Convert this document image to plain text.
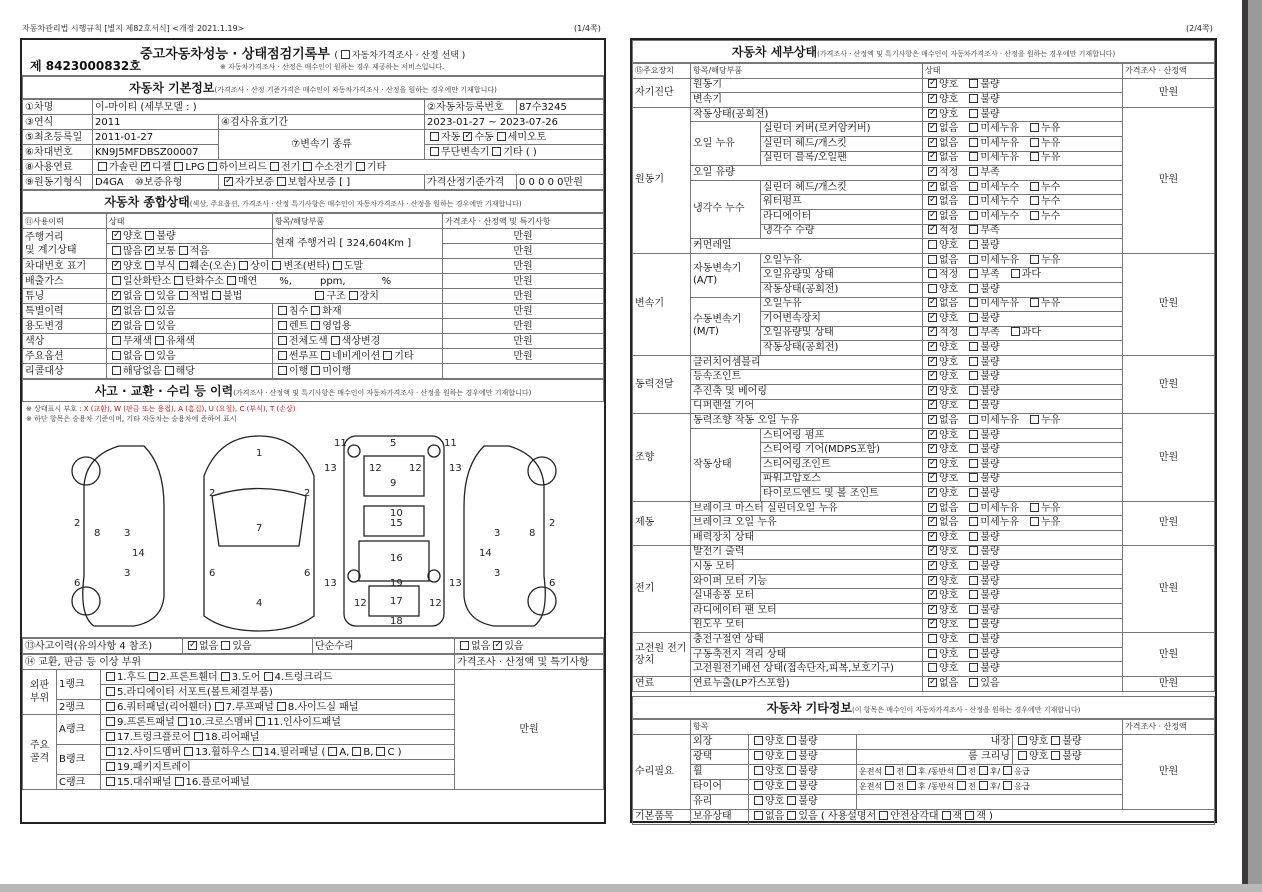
자동차관리법 시행규칙 [별지 제82호서식] <개정 2021.1.19>	(1/4쪽)	(2/4쪽)
중고자동차성능 · 상태점검기록부 ( 자동차가격조사 · 산정 선택 )
제 8423000832호	※ 자동차가격조사 · 산정은 매수인이 원하는 경우 제공하는 서비스입니다.
자동차 기본정보(가격조사 · 산정 기준가격은 매수인이 자동차가격조사 · 산정을 원하는 경우에만 기재합니다)
①차명	이-마이티 (세부모델 : )		②자동차등록번호	87수3245
③연식	2011	④검사유효기간	2023-01-27 ~ 2023-07-26	
⑤최초등록일	2011-01-27	⑦변속기 종류	자동 ✓ 수동 세미오토
⑥차대번호	KN9J5MFDBSZ00007		무단변속기 기타 ( )	
⑧사용연료	가솔린 ✓ 디젤 LPG 하이브리드 전기 수소전기 기타
⑨원동기형식	D4GA ⑩보증유형	✓자가보증 보험사보증 [ ]	가격산정기준가격	0 0 0 0 0만원
자동차 종합상태(색상, 주요옵션, 가격조사 · 산정 특기사항은 매수인이 자동차가격조사 · 산정을 원하는 경우에만 기재합니다)
⑪사용이력	상태	항목/해당부품	가격조사 · 산정액 및 특기사항
주행거리
및 계기상태	✓양호 불량	현재 주행거리 [ 324,604Km ]	만원
	많음 ✓ 보통 적음		만원
차대번호 표기	✓양호 부식 훼손(오손) 상이 변조(변타) 도말		만원
배출가스	일산화탄소 탄화수소 매연 %, ppm, %		만원
튜닝	✓없음 있음 적법 불법 구조 장치		만원
특별이력	✓없음 있음	침수 화재	만원
용도변경	✓없음 있음	렌트 영업용	만원
색상	무채색 유채색	전체도색 색상변경	만원
주요옵션	없음 있음	썬루프 네비게이션 기타	만원
리콜대상	해당없음 해당	이행 미이행	
사고 · 교환 · 수리 등 이력(가격조사 · 산정액 및 특기사항은 매수인이 자동차가격조사 · 산정을 원하는 경우에만 기재합니다)
※ 상태표시 부호 : X (교환), W (판금 또는 용접), A (흠집), U (요철), C (부식), T (손상)
※ 하단 항목은 승용차 기준이며, 기타 자동차는 승용차에 준하여 표시
3
3
8
14
1
7
4
2	2
6	6
5
11	11
13	13
12	12
9
10
15
16
19
17
18
13	13
12	12
3
3
8
14
2
6
2
6
⑬사고이력(유의사항 4 참조)	✓없음 있음	단순수리	없음 ✓ 있음
⑭ 교환, 판금 등 이상 부위			가격조사 · 산정액 및 특기사항
외판 부위	1랭크	1.후드 2.프론트휀더 3.도어 4.트렁크리드	만원
		5.라디에이터 서포트(볼트체결부품)	
	2랭크	6.쿼터패널(리어휀더) 7.루프패널 8.사이드실 패널	
주요 골격	A랭크	9.프론트패널 10.크로스멤버 11.인사이드패널	
		17.트렁크플로어 18.리어패널	
	B랭크	12.사이드멤버 13.휠하우스 14.필러패널 ( A, B, C )	
		19.패키지트레이	
	C랭크	15.대쉬패널 16.플로어패널	
자동차 세부상태(가격조사 · 산정액 및 특기사항은 매수인이 자동차가격조사 · 산정을 원하는 경우에만 기재합니다)
⑮주요장치	항목/해당부품		상태	가격조사 · 산정액
자기진단	원동기	✓양호 불량	만원
	변속기	✓양호 불량
원동기	작동상태(공회전)	✓양호 불량	만원
	오일 누유	실린더 커버(로커암커버)	✓없음 미세누유 누유
		실린더 헤드/개스킷	✓없음 미세누유 누유
		실린더 블록/오일팬	✓없음 미세누유 누유
	오일 유량	✓적정 부족
	냉각수 누수	실린더 헤드/개스킷	✓없음 미세누수 누수
		워터펌프	✓없음 미세누수 누수
		라디에이터	✓없음 미세누수 누수
		냉각수 수량	✓적정 부족
	커먼레일		양호 불량	
변속기	자동변속기 (A/T)	오일누유	없음 미세누유 누유	만원
		오일유량및 상태	적정 부족 과다	
		작동상태(공회전)	양호 불량	
	수동변속기 (M/T)	오일누유	✓없음 미세누유 누유
		기어변속장치	✓양호 불량
		오일유량및 상태	✓적정 부족 과다
		작동상태(공회전)	✓양호 불량
동력전달	클러치어셈블리	✓양호 불량	만원
	등속조인트	✓양호 불량
	추진축 및 베어링	✓양호 불량
	디퍼렌셜 기어	✓양호 불량
조향	동력조향 작동 오일 누유	✓없음 미세누유 누유	만원
	작동상태	스티어링 펌프	✓양호 불량
		스티어링 기어(MDPS포함)	✓양호 불량
		스티어링조인트	✓양호 불량
		파워고압호스	✓양호 불량
		타이로드엔드 및 볼 조인트	✓양호 불량
제동	브레이크 마스터 실린더오일 누유	✓없음 미세누유 누유	만원
	브레이크 오일 누유	✓없음 미세누유 누유
	배력장치 상태	✓양호 불량
전기	발전기 출력	✓양호 불량	만원
	시동 모터	✓양호 불량
	와이퍼 모터 기능	✓양호 불량
	실내송풍 모터	✓양호 불량
	라디에이터 팬 모터	✓양호 불량
	윈도우 모터	✓양호 불량
고전원 전기장치	충전구절연 상태		양호 불량	만원
	구동축전지 격리 상태		양호 불량	
	고전원전기배선 상태(접속단자,피복,보호기구)		양호 불량	
연료	연료누출(LP가스포함)	✓없음 있음	만원
자동차 기타정보(이 항목은 매수인이 자동차가격조사 · 산정을 원하는 경우에만 기재합니다)
	항목				가격조사 · 산정액
수리필요	외장	양호 불량	내장	양호 불량	만원
	광택	양호 불량	룸 크리닝	양호 불량	
	휠	양호 불량	운전석 전 후 /동반석 전 후/ 응급		
	타이어	양호 불량	운전석 전 후 /동반석 전 후/ 응급		
	유리	양호 불량			
기본품목	보유상태	없음 있음 ( 사용설명서 안전삼각대 잭 잭 )			
